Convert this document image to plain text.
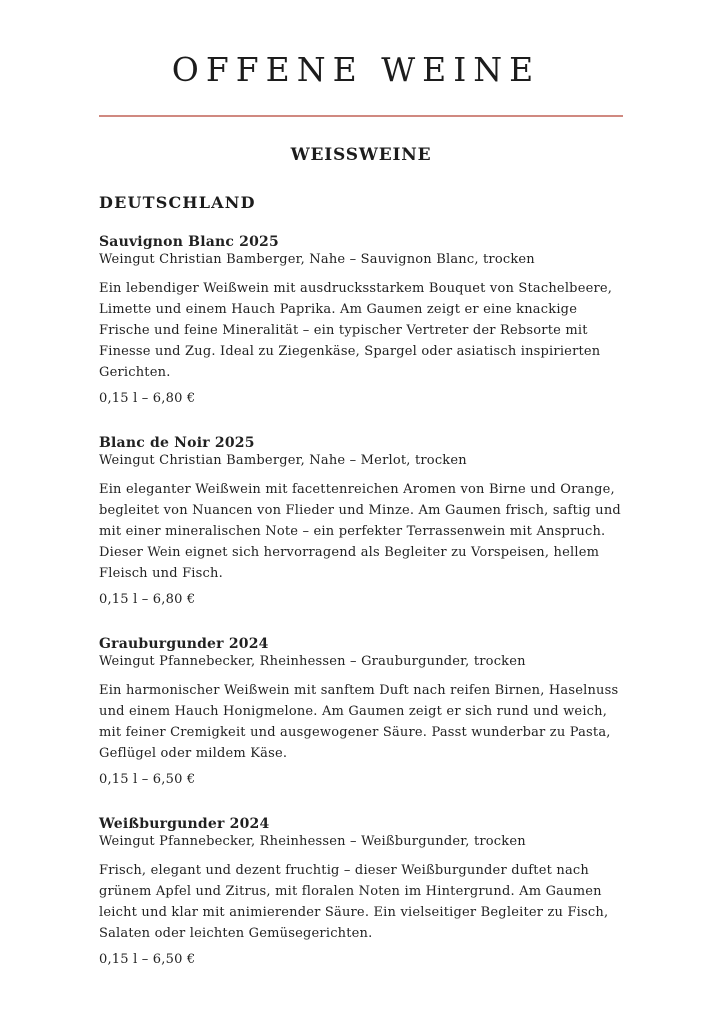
OFFENE WEINE
WEISSWEINE
DEUTSCHLAND
Sauvignon Blanc 2025
Weingut Christian Bamberger, Nahe – Sauvignon Blanc, trocken

Ein lebendiger Weißwein mit ausdrucksstarkem Bouquet von Stachelbeere, Limette und einem Hauch Paprika. Am Gaumen zeigt er eine knackige Frische und feine Mineralität – ein typischer Vertreter der Rebsorte mit Finesse und Zug. Ideal zu Ziegenkäse, Spargel oder asiatisch inspirierten Gerichten.

0,15 l – 6,80 €
Blanc de Noir 2025
Weingut Christian Bamberger, Nahe – Merlot, trocken

Ein eleganter Weißwein mit facettenreichen Aromen von Birne und Orange, begleitet von Nuancen von Flieder und Minze. Am Gaumen frisch, saftig und mit einer mineralischen Note – ein perfekter Terrassenwein mit Anspruch. Dieser Wein eignet sich hervorragend als Begleiter zu Vorspeisen, hellem Fleisch und Fisch.

0,15 l – 6,80 €
Grauburgunder 2024
Weingut Pfannebecker, Rheinhessen – Grauburgunder, trocken

Ein harmonischer Weißwein mit sanftem Duft nach reifen Birnen, Haselnuss und einem Hauch Honigmelone. Am Gaumen zeigt er sich rund und weich, mit feiner Cremigkeit und ausgewogener Säure. Passt wunderbar zu Pasta, Geflügel oder mildem Käse.

0,15 l – 6,50 €
Weißburgunder 2024
Weingut Pfannebecker, Rheinhessen – Weißburgunder, trocken

Frisch, elegant und dezent fruchtig – dieser Weißburgunder duftet nach grünem Apfel und Zitrus, mit floralen Noten im Hintergrund. Am Gaumen leicht und klar mit animierender Säure. Ein vielseitiger Begleiter zu Fisch, Salaten oder leichten Gemüsegerichten.

0,15 l – 6,50 €
